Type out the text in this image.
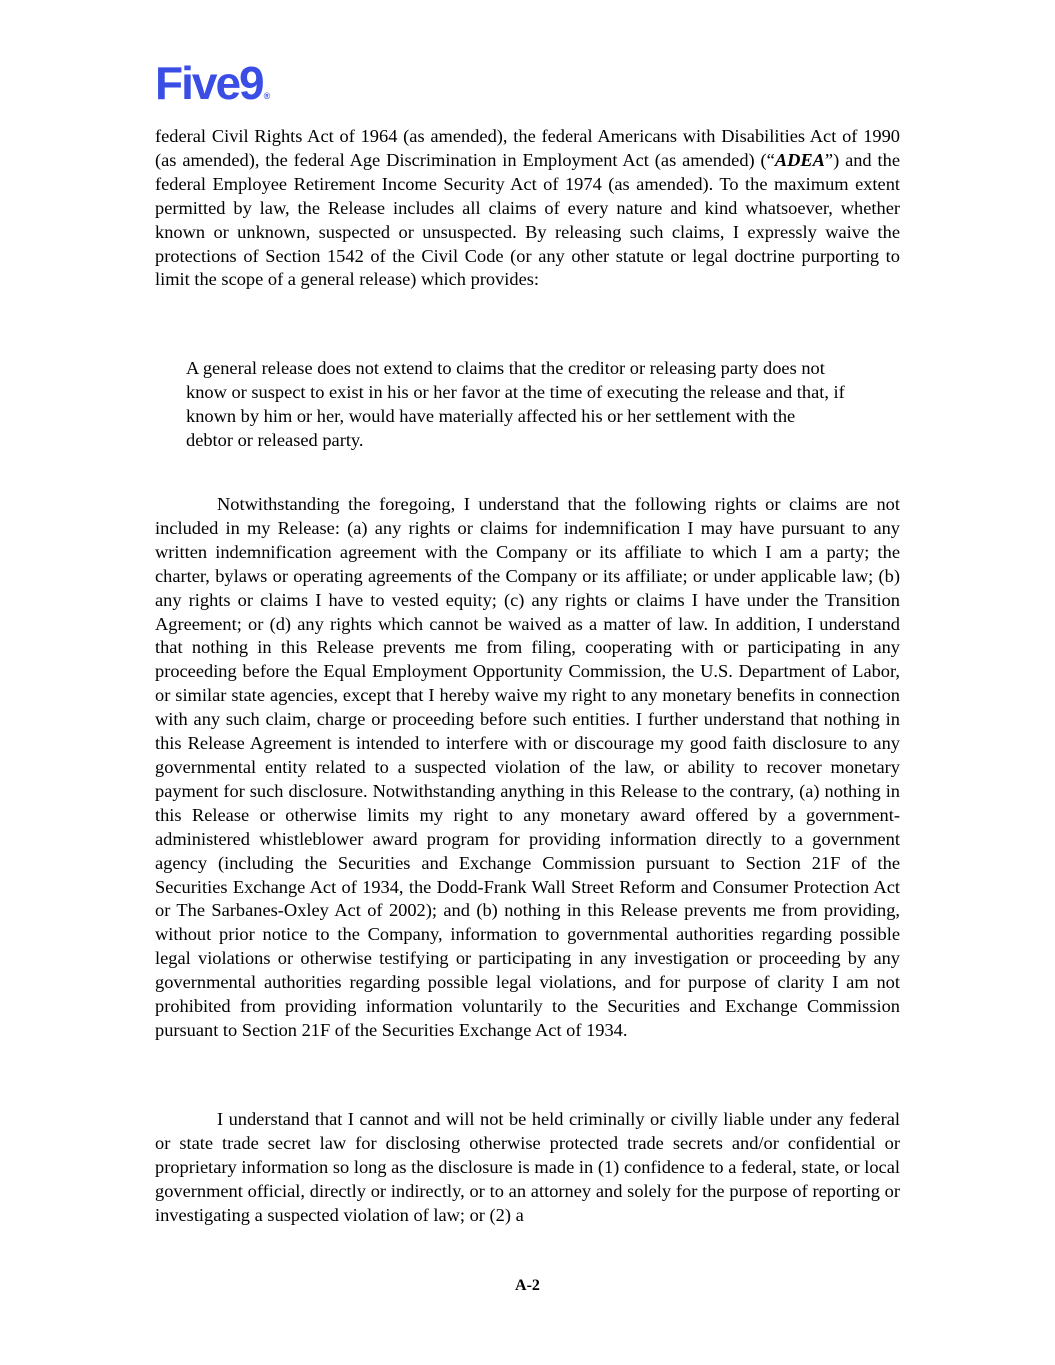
Five9®

federal Civil Rights Act of 1964 (as amended), the federal Americans with Disabilities Act of 1990 (as amended), the federal Age Discrimination in Employment Act (as amended) (“ADEA”) and the federal Employee Retirement Income Security Act of 1974 (as amended). To the maximum extent permitted by law, the Release includes all claims of every nature and kind whatsoever, whether known or unknown, suspected or unsuspected. By releasing such claims, I expressly waive the protections of Section 1542 of the Civil Code (or any other statute or legal doctrine purporting to limit the scope of a general release) which provides:

A general release does not extend to claims that the creditor or releasing party does not know or suspect to exist in his or her favor at the time of executing the release and that, if known by him or her, would have materially affected his or her settlement with the debtor or released party.

Notwithstanding the foregoing, I understand that the following rights or claims are not included in my Release: (a) any rights or claims for indemnification I may have pursuant to any written indemnification agreement with the Company or its affiliate to which I am a party; the charter, bylaws or operating agreements of the Company or its affiliate; or under applicable law; (b) any rights or claims I have to vested equity; (c) any rights or claims I have under the Transition Agreement; or (d) any rights which cannot be waived as a matter of law. In addition, I understand that nothing in this Release prevents me from filing, cooperating with or participating in any proceeding before the Equal Employment Opportunity Commission, the U.S. Department of Labor, or similar state agencies, except that I hereby waive my right to any monetary benefits in connection with any such claim, charge or proceeding before such entities. I further understand that nothing in this Release Agreement is intended to interfere with or discourage my good faith disclosure to any governmental entity related to a suspected violation of the law, or ability to recover monetary payment for such disclosure. Notwithstanding anything in this Release to the contrary, (a) nothing in this Release or otherwise limits my right to any monetary award offered by a government-administered whistleblower award program for providing information directly to a government agency (including the Securities and Exchange Commission pursuant to Section 21F of the Securities Exchange Act of 1934, the Dodd-Frank Wall Street Reform and Consumer Protection Act or The Sarbanes-Oxley Act of 2002); and (b) nothing in this Release prevents me from providing, without prior notice to the Company, information to governmental authorities regarding possible legal violations or otherwise testifying or participating in any investigation or proceeding by any governmental authorities regarding possible legal violations, and for purpose of clarity I am not prohibited from providing information voluntarily to the Securities and Exchange Commission pursuant to Section 21F of the Securities Exchange Act of 1934.

I understand that I cannot and will not be held criminally or civilly liable under any federal or state trade secret law for disclosing otherwise protected trade secrets and/or confidential or proprietary information so long as the disclosure is made in (1) confidence to a federal, state, or local government official, directly or indirectly, or to an attorney and solely for the purpose of reporting or investigating a suspected violation of law; or (2) a

A-2
